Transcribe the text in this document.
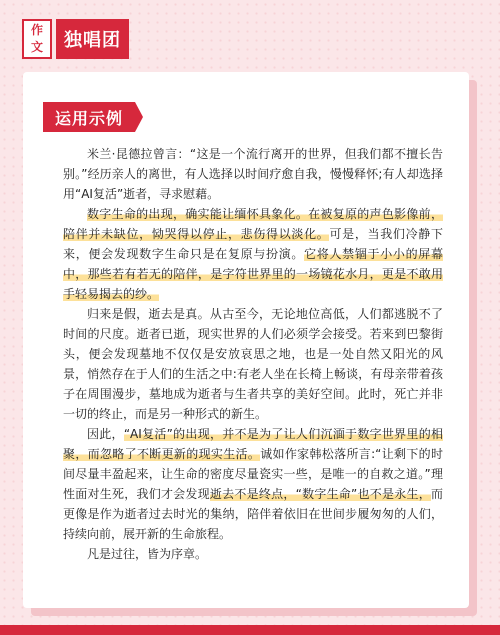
作
文	独唱团
运用示例

米兰·昆德拉曾言：“这是一个流行离开的世界，但我们都不擅长告别。”经历亲人的离世，有人选择以时间疗愈自我，慢慢释怀;有人却选择用“AI复活”逝者，寻求慰藉。

数字生命的出现，确实能让缅怀具象化。在被复原的声色影像前，陪伴并未缺位，恸哭得以停止，悲伤得以淡化。可是，当我们冷静下来，便会发现数字生命只是在复原与扮演。它将人禁锢于小小的屏幕中，那些若有若无的陪伴，是字符世界里的一场镜花水月，更是不敢用手轻易揭去的纱。

归来是假，逝去是真。从古至今，无论地位高低，人们都逃脱不了时间的尺度。逝者已逝，现实世界的人们必须学会接受。若来到巴黎街头，便会发现墓地不仅仅是安放哀思之地，也是一处自然又阳光的风景，悄然存在于人们的生活之中:有老人坐在长椅上畅谈，有母亲带着孩子在周围漫步，墓地成为逝者与生者共享的美好空间。此时，死亡并非一切的终止，而是另一种形式的新生。

因此，“AI复活”的出现，并不是为了让人们沉湎于数字世界里的相聚，而忽略了不断更新的现实生活。诚如作家韩松落所言:“让剩下的时间尽量丰盈起来，让生命的密度尽量瓷实一些，是唯一的自救之道。”理性面对生死，我们才会发现逝去不是终点，“数字生命”也不是永生，而更像是作为逝者过去时光的集纳，陪伴着依旧在世间步履匆匆的人们，持续向前，展开新的生命旅程。

凡是过往，皆为序章。
